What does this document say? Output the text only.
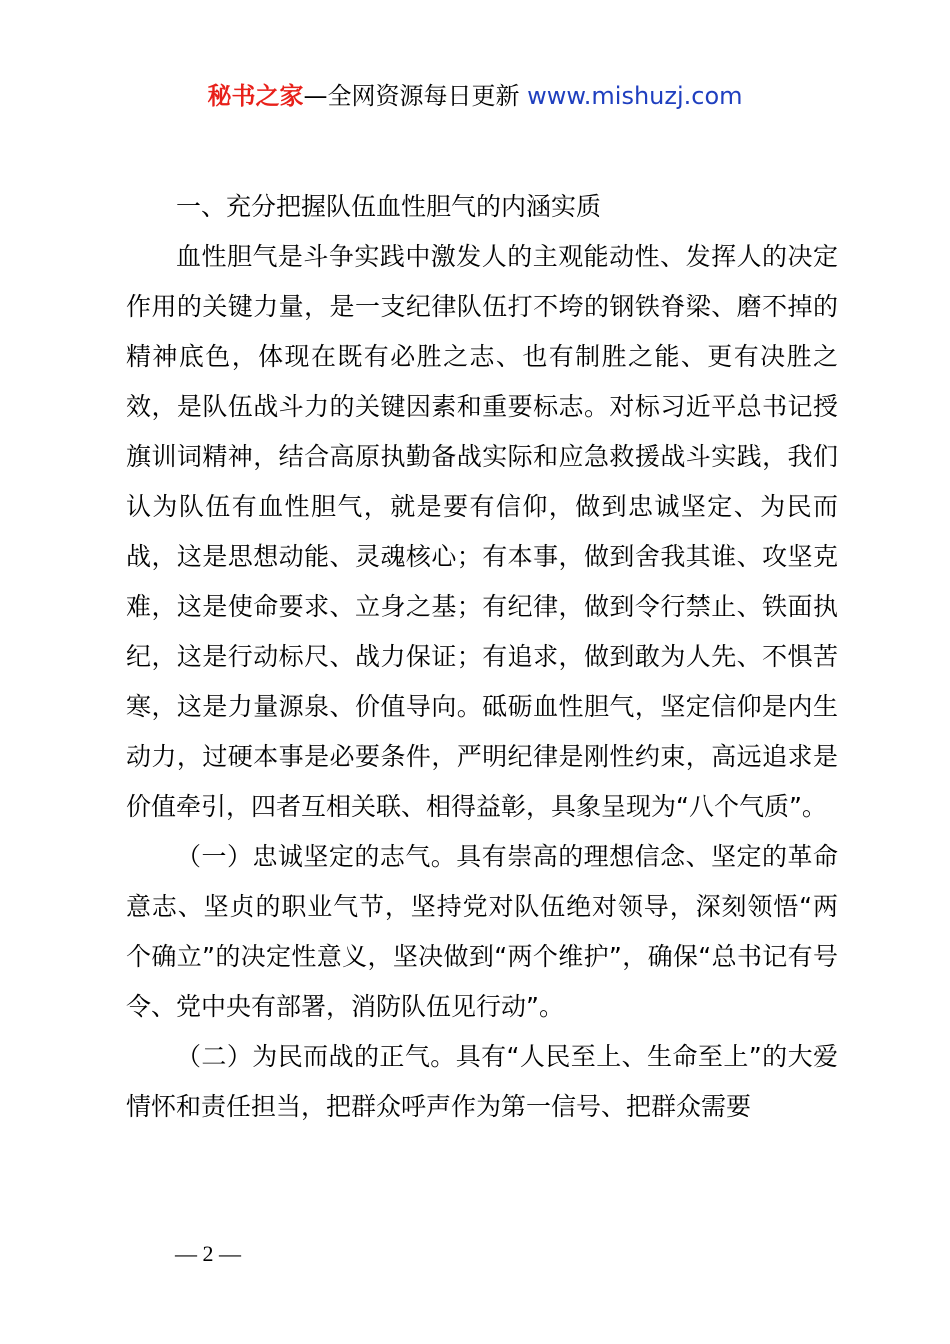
秘书之家—全网资源每日更新 www.mishuzj.com

一、充分把握队伍血性胆气的内涵实质

血性胆气是斗争实践中激发人的主观能动性、发挥人的决定作用的关键力量，是一支纪律队伍打不垮的钢铁脊梁、磨不掉的精神底色，体现在既有必胜之志、也有制胜之能、更有决胜之效，是队伍战斗力的关键因素和重要标志。对标习近平总书记授旗训词精神，结合高原执勤备战实际和应急救援战斗实践，我们认为队伍有血性胆气，就是要有信仰，做到忠诚坚定、为民而战，这是思想动能、灵魂核心；有本事，做到舍我其谁、攻坚克难，这是使命要求、立身之基；有纪律，做到令行禁止、铁面执纪，这是行动标尺、战力保证；有追求，做到敢为人先、不惧苦寒，这是力量源泉、价值导向。砥砺血性胆气，坚定信仰是内生动力，过硬本事是必要条件，严明纪律是刚性约束，高远追求是价值牵引，四者互相关联、相得益彰，具象呈现为“八个气质”。

（一）忠诚坚定的志气。具有崇高的理想信念、坚定的革命意志、坚贞的职业气节，坚持党对队伍绝对领导，深刻领悟“两个确立”的决定性意义，坚决做到“两个维护”，确保“总书记有号令、党中央有部署，消防队伍见行动”。

（二）为民而战的正气。具有“人民至上、生命至上”的大爱情怀和责任担当，把群众呼声作为第一信号、把群众需要

— 2 —
